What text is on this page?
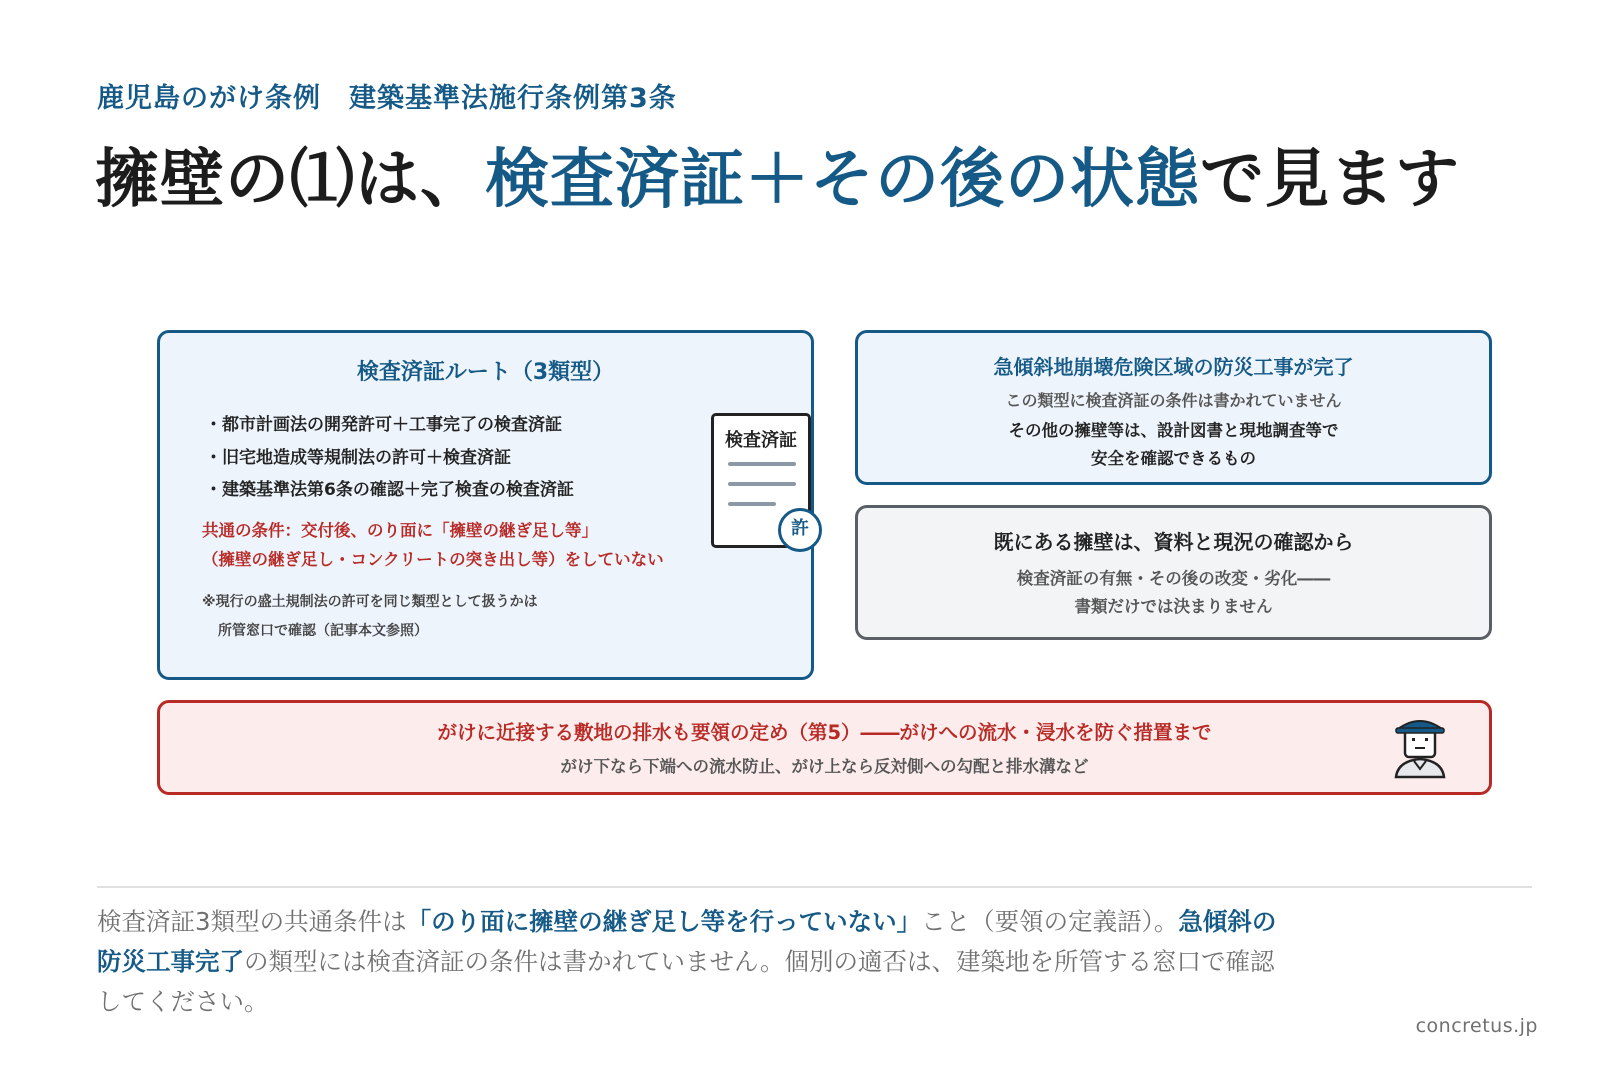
鹿児島のがけ条例　建築基準法施行条例第3条
擁壁の⑴は、検査済証＋その後の状態で見ます
検査済証ルート（3類型）
・都市計画法の開発許可＋工事完了の検査済証
・旧宅地造成等規制法の許可＋検査済証
・建築基準法第6条の確認＋完了検査の検査済証
共通の条件：交付後、のり面に「擁壁の継ぎ足し等」
（擁壁の継ぎ足し・コンクリートの突き出し等）をしていない
※現行の盛土規制法の許可を同じ類型として扱うかは
所管窓口で確認（記事本文参照）
検査済証
許
急傾斜地崩壊危険区域の防災工事が完了
この類型に検査済証の条件は書かれていません
その他の擁壁等は、設計図書と現地調査等で
安全を確認できるもの
既にある擁壁は、資料と現況の確認から
検査済証の有無・その後の改変・劣化――
書類だけでは決まりません
がけに近接する敷地の排水も要領の定め（第5）――がけへの流水・浸水を防ぐ措置まで
がけ下なら下端への流水防止、がけ上なら反対側への勾配と排水溝など

検査済証3類型の共通条件は「のり面に擁壁の継ぎ足し等を行っていない」こと（要領の定義語）。急傾斜の防災工事完了の類型には検査済証の条件は書かれていません。個別の適否は、建築地を所管する窓口で確認してください。

concretus.jp
